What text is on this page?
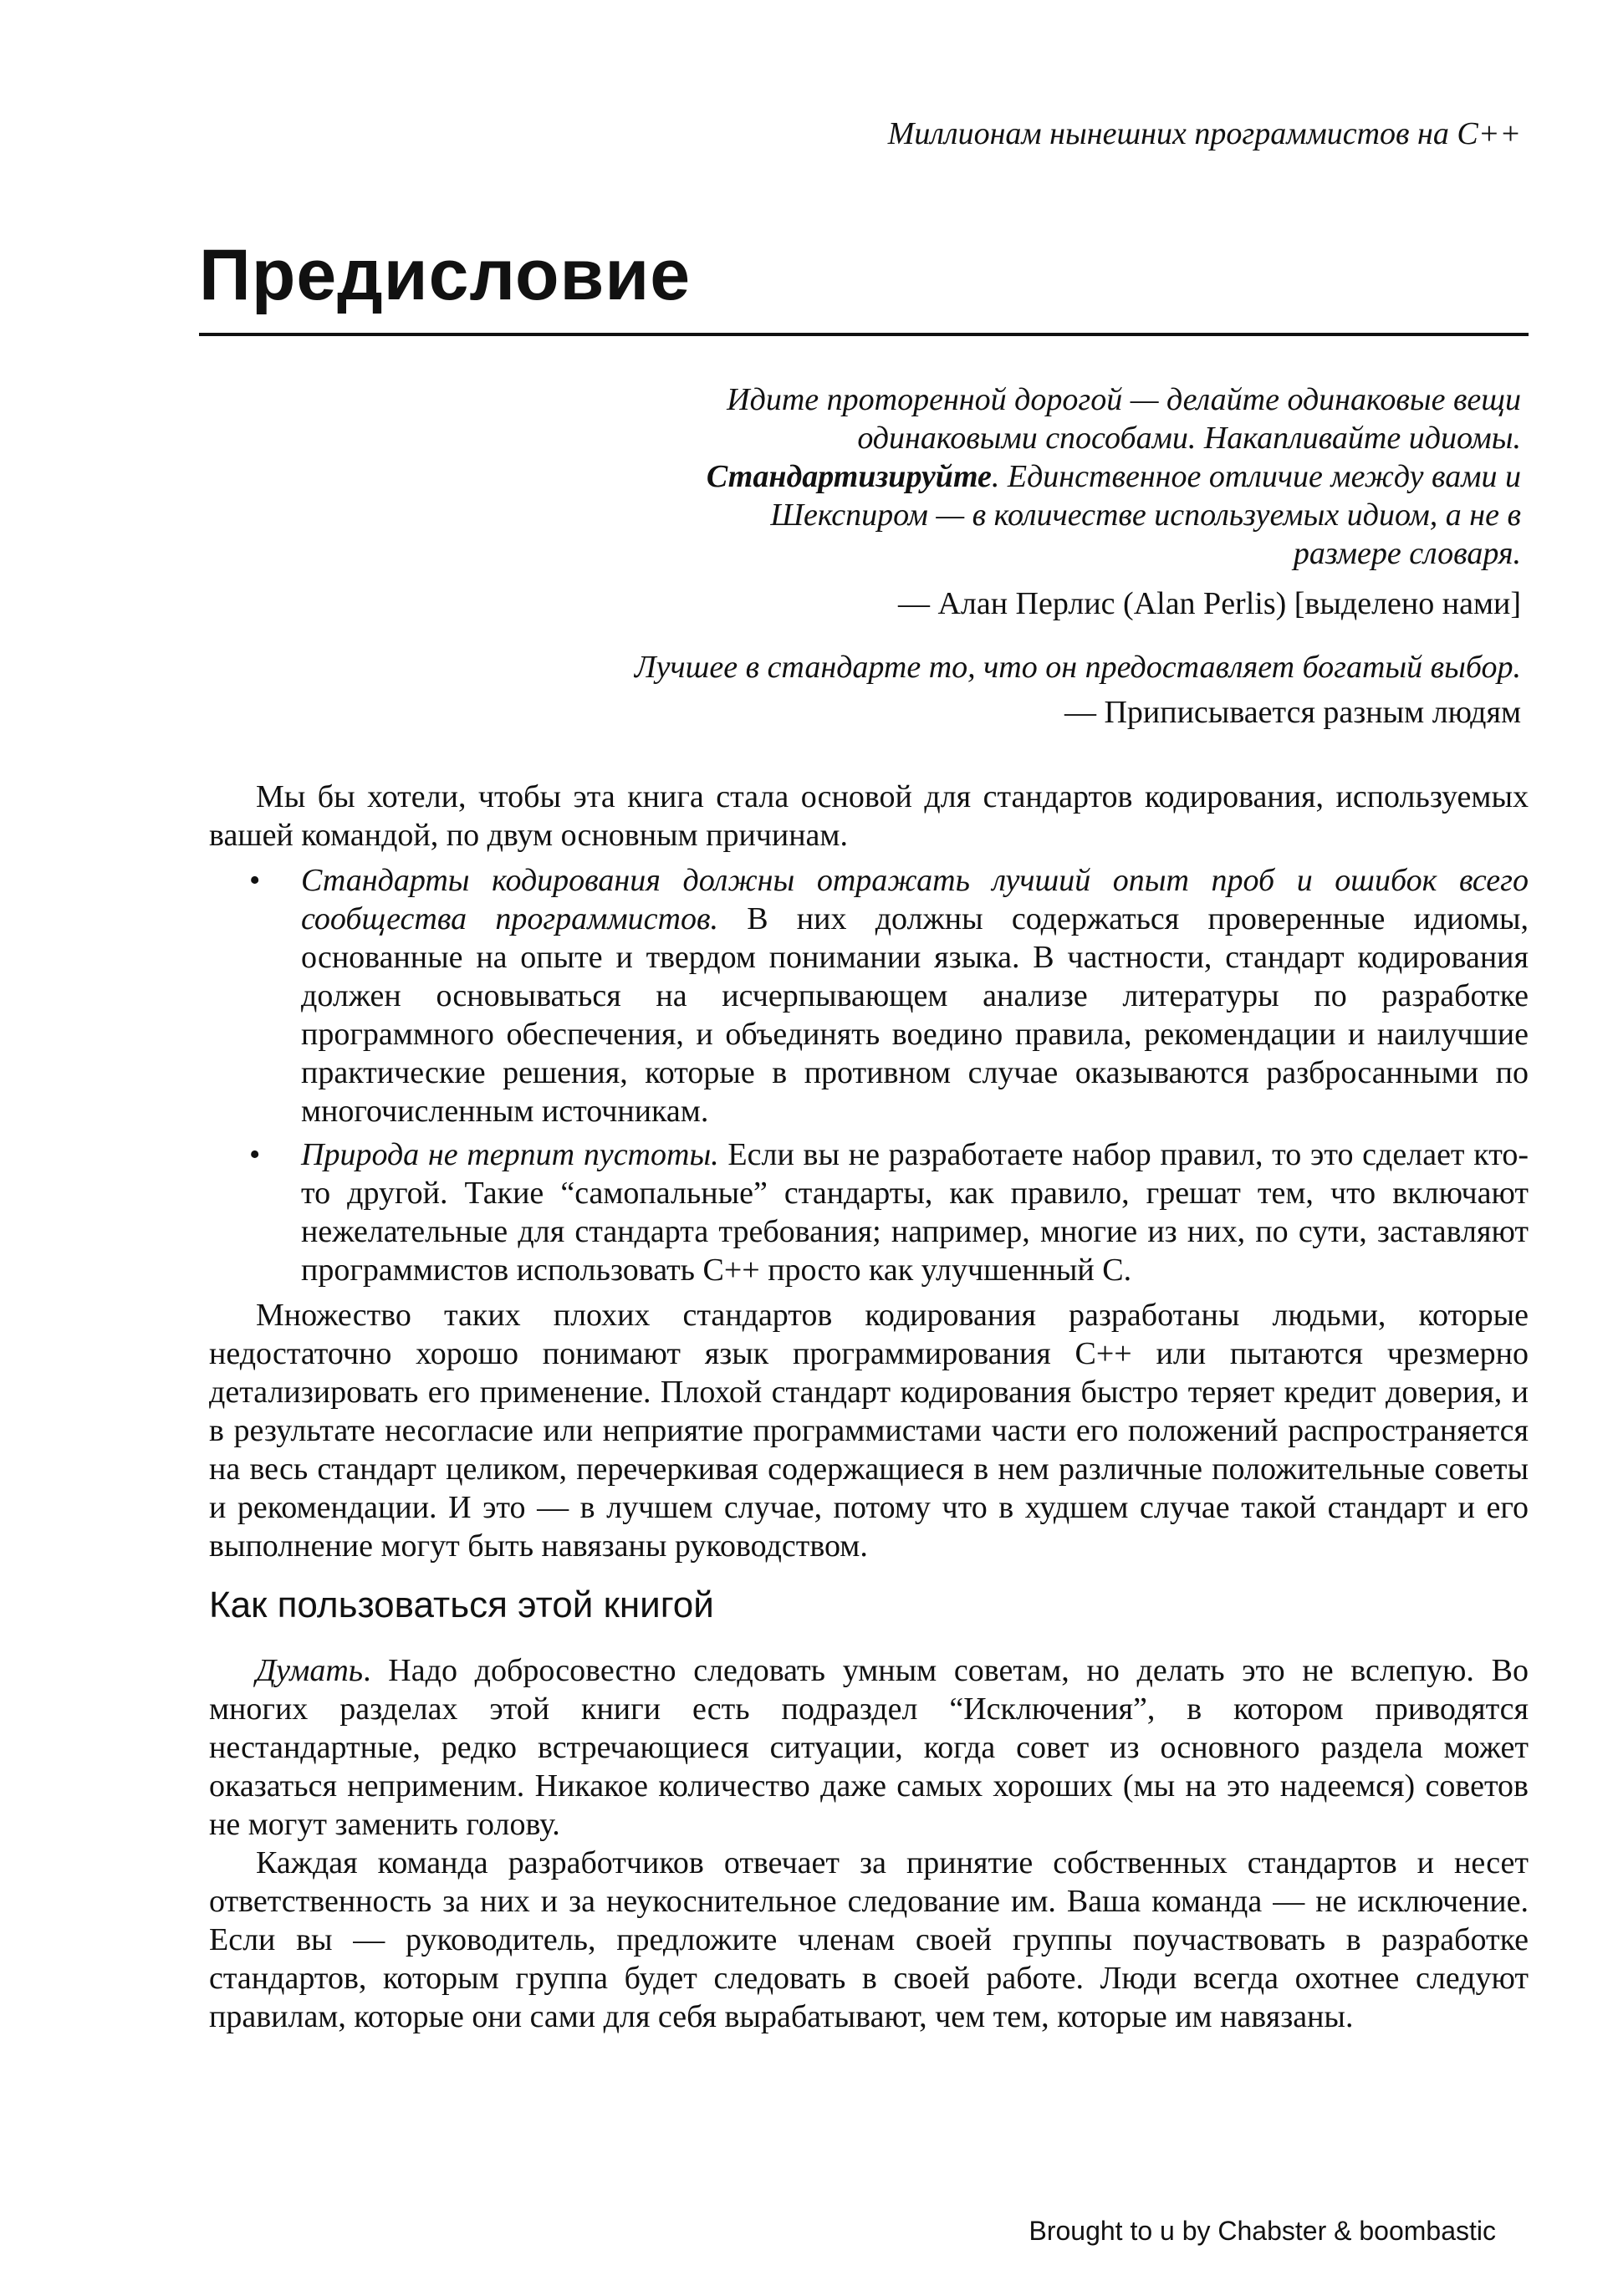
Миллионам нынешних программистов на С++
Предисловие
Идите проторенной дорогой — делайте одинаковые вещи одинаковыми способами. Накапливайте идиомы. Стандартизируйте. Единственное отличие между вами и Шекспиром — в количестве используемых идиом, а не в размере словаря.
— Алан Перлис (Alan Perlis) [выделено нами]
Лучшее в стандарте то, что он предоставляет богатый выбор.
— Приписывается разным людям

Мы бы хотели, чтобы эта книга стала основой для стандартов кодирования, используемых вашей командой, по двум основным причинам.

• Стандарты кодирования должны отражать лучший опыт проб и ошибок всего сообщества программистов. В них должны содержаться проверенные идиомы, основанные на опыте и твердом понимании языка. В частности, стандарт кодирования должен основываться на исчерпывающем анализе литературы по разработке программного обеспечения, и объединять воедино правила, рекомендации и наилучшие практические решения, которые в противном случае оказываются разбросанными по многочисленным источникам.
• Природа не терпит пустоты. Если вы не разработаете набор правил, то это сделает кто-то другой. Такие “самопальные” стандарты, как правило, грешат тем, что включают нежелательные для стандарта требования; например, многие из них, по сути, заставляют программистов использовать С++ просто как улучшенный С.

Множество таких плохих стандартов кодирования разработаны людьми, которые недостаточно хорошо понимают язык программирования С++ или пытаются чрезмерно детализировать его применение. Плохой стандарт кодирования быстро теряет кредит доверия, и в результате несогласие или неприятие программистами части его положений распространяется на весь стандарт целиком, перечеркивая содержащиеся в нем различные положительные советы и рекомендации. И это — в лучшем случае, потому что в худшем случае такой стандарт и его выполнение могут быть навязаны руководством.

Как пользоваться этой книгой

Думать. Надо добросовестно следовать умным советам, но делать это не вслепую. Во многих разделах этой книги есть подраздел “Исключения”, в котором приводятся нестандартные, редко встречающиеся ситуации, когда совет из основного раздела может оказаться неприменим. Никакое количество даже самых хороших (мы на это надеемся) советов не могут заменить голову.

Каждая команда разработчиков отвечает за принятие собственных стандартов и несет ответственность за них и за неукоснительное следование им. Ваша команда — не исключение. Если вы — руководитель, предложите членам своей группы поучаствовать в разработке стандартов, которым группа будет следовать в своей работе. Люди всегда охотнее следуют правилам, которые они сами для себя вырабатывают, чем тем, которые им навязаны.

Brought to u by Chabster & boombastic
